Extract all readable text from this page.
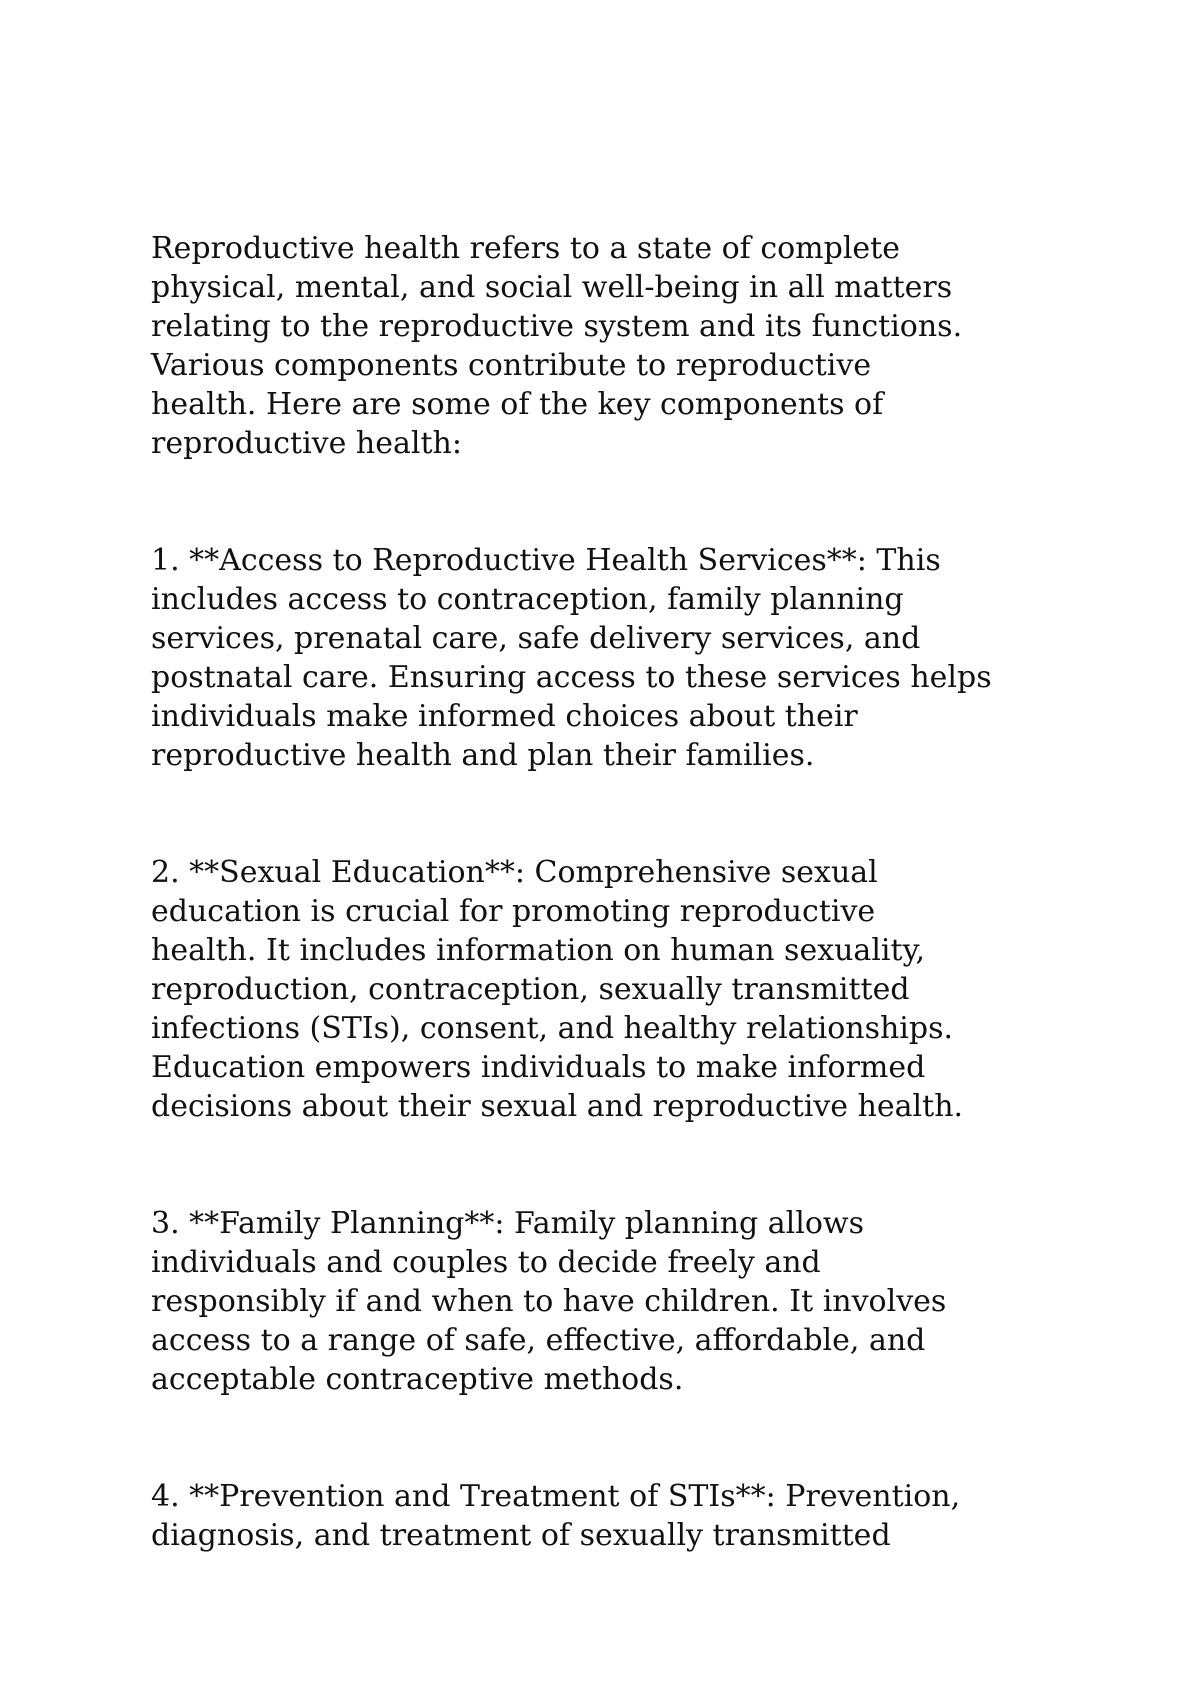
Reproductive health refers to a state of complete
physical, mental, and social well-being in all matters
relating to the reproductive system and its functions.
Various components contribute to reproductive
health. Here are some of the key components of
reproductive health:

1. **Access to Reproductive Health Services**: This
includes access to contraception, family planning
services, prenatal care, safe delivery services, and
postnatal care. Ensuring access to these services helps
individuals make informed choices about their
reproductive health and plan their families.

2. **Sexual Education**: Comprehensive sexual
education is crucial for promoting reproductive
health. It includes information on human sexuality,
reproduction, contraception, sexually transmitted
infections (STIs), consent, and healthy relationships.
Education empowers individuals to make informed
decisions about their sexual and reproductive health.

3. **Family Planning**: Family planning allows
individuals and couples to decide freely and
responsibly if and when to have children. It involves
access to a range of safe, effective, affordable, and
acceptable contraceptive methods.

4. **Prevention and Treatment of STIs**: Prevention,
diagnosis, and treatment of sexually transmitted
